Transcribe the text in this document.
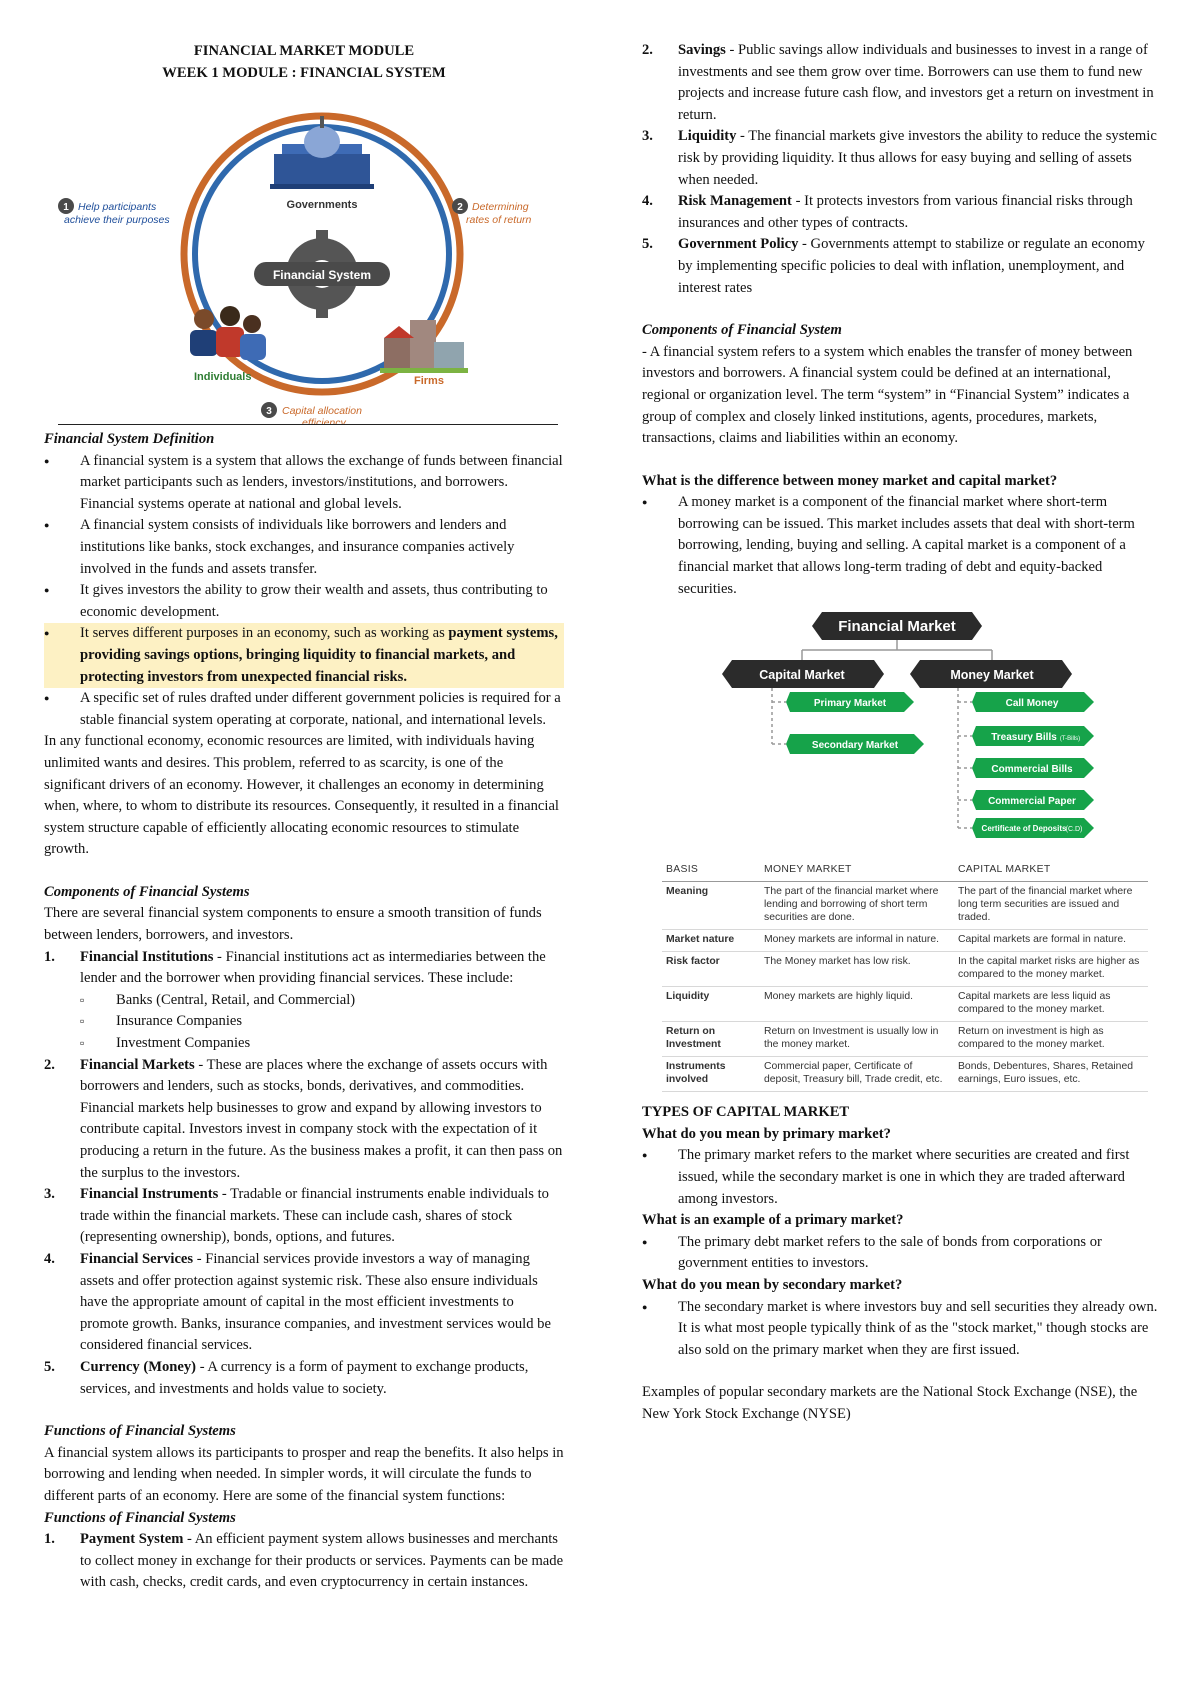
FINANCIAL MARKET MODULE
WEEK 1 MODULE : FINANCIAL SYSTEM
Financial System
Governments
Individuals	Firms
1 Help participants
achieve their purposes
2 Determining
rates of return
3 Capital allocation
efficiency
Financial System Definition
● A financial system is a system that allows the exchange of funds between financial market participants such as lenders, investors/institutions, and borrowers. Financial systems operate at national and global levels.
● A financial system consists of individuals like borrowers and lenders and institutions like banks, stock exchanges, and insurance companies actively involved in the funds and assets transfer.
● It gives investors the ability to grow their wealth and assets, thus contributing to economic development.
● It serves different purposes in an economy, such as working as payment systems, providing savings options, bringing liquidity to financial markets, and protecting investors from unexpected financial risks.
● A specific set of rules drafted under different government policies is required for a stable financial system operating at corporate, national, and international levels.

In any functional economy, economic resources are limited, with individuals having unlimited wants and desires. This problem, referred to as scarcity, is one of the significant drivers of an economy. However, it challenges an economy in determining when, where, to whom to distribute its resources. Consequently, it resulted in a financial system structure capable of efficiently allocating economic resources to stimulate growth.

Components of Financial Systems

There are several financial system components to ensure a smooth transition of funds between lenders, borrowers, and investors.

1. Financial Institutions - Financial institutions act as intermediaries between the lender and the borrower when providing financial services. These include:
▫ Banks (Central, Retail, and Commercial)
▫ Insurance Companies
▫ Investment Companies
2. Financial Markets - These are places where the exchange of assets occurs with borrowers and lenders, such as stocks, bonds, derivatives, and commodities. Financial markets help businesses to grow and expand by allowing investors to contribute capital. Investors invest in company stock with the expectation of it producing a return in the future. As the business makes a profit, it can then pass on the surplus to the investors.
3. Financial Instruments - Tradable or financial instruments enable individuals to trade within the financial markets. These can include cash, shares of stock (representing ownership), bonds, options, and futures.
4. Financial Services - Financial services provide investors a way of managing assets and offer protection against systemic risk. These also ensure individuals have the appropriate amount of capital in the most efficient investments to promote growth. Banks, insurance companies, and investment services would be considered financial services.
5. Currency (Money) - A currency is a form of payment to exchange products, services, and investments and holds value to society.
Functions of Financial Systems

A financial system allows its participants to prosper and reap the benefits. It also helps in borrowing and lending when needed. In simpler words, it will circulate the funds to different parts of an economy. Here are some of the financial system functions:

Functions of Financial Systems
1. Payment System - An efficient payment system allows businesses and merchants to collect money in exchange for their products or services. Payments can be made with cash, checks, credit cards, and even cryptocurrency in certain instances.
2. Savings - Public savings allow individuals and businesses to invest in a range of investments and see them grow over time. Borrowers can use them to fund new projects and increase future cash flow, and investors get a return on investment in return.
3. Liquidity - The financial markets give investors the ability to reduce the systemic risk by providing liquidity. It thus allows for easy buying and selling of assets when needed.
4. Risk Management - It protects investors from various financial risks through insurances and other types of contracts.
5. Government Policy - Governments attempt to stabilize or regulate an economy by implementing specific policies to deal with inflation, unemployment, and interest rates
Components of Financial System

- A financial system refers to a system which enables the transfer of money between investors and borrowers. A financial system could be defined at an international, regional or organization level. The term “system” in “Financial System” indicates a group of complex and closely linked institutions, agents, procedures, markets, transactions, claims and liabilities within an economy.

What is the difference between money market and capital market?
● A money market is a component of the financial market where short-term borrowing can be issued. This market includes assets that deal with short-term borrowing, lending, buying and selling. A capital market is a component of a financial market that allows long-term trading of debt and equity-backed securities.
Financial Market
Capital Market	Money Market
Primary Market
Secondary Market
Call Money
Treasury Bills (T-Bills)
Commercial Bills
Commercial Paper
Certificate of Deposits (C.D)
BASIS	MONEY MARKET	CAPITAL MARKET
Meaning	The part of the financial market where lending and borrowing of short term securities are done.	The part of the financial market where long term securities are issued and traded.
Market nature	Money markets are informal in nature.	Capital markets are formal in nature.
Risk factor	The Money market has low risk.	In the capital market risks are higher as compared to the money market.
Liquidity	Money markets are highly liquid.	Capital markets are less liquid as compared to the money market.
Return on Investment	Return on Investment is usually low in the money market.	Return on investment is high as compared to the money market.
Instruments involved	Commercial paper, Certificate of deposit, Treasury bill, Trade credit, etc.	Bonds, Debentures, Shares, Retained earnings, Euro issues, etc.
TYPES OF CAPITAL MARKET
What do you mean by primary market?
● The primary market refers to the market where securities are created and first issued, while the secondary market is one in which they are traded afterward among investors.
What is an example of a primary market?
● The primary debt market refers to the sale of bonds from corporations or government entities to investors.
What do you mean by secondary market?
● The secondary market is where investors buy and sell securities they already own. It is what most people typically think of as the "stock market," though stocks are also sold on the primary market when they are first issued.

Examples of popular secondary markets are the National Stock Exchange (NSE), the New York Stock Exchange (NYSE)
